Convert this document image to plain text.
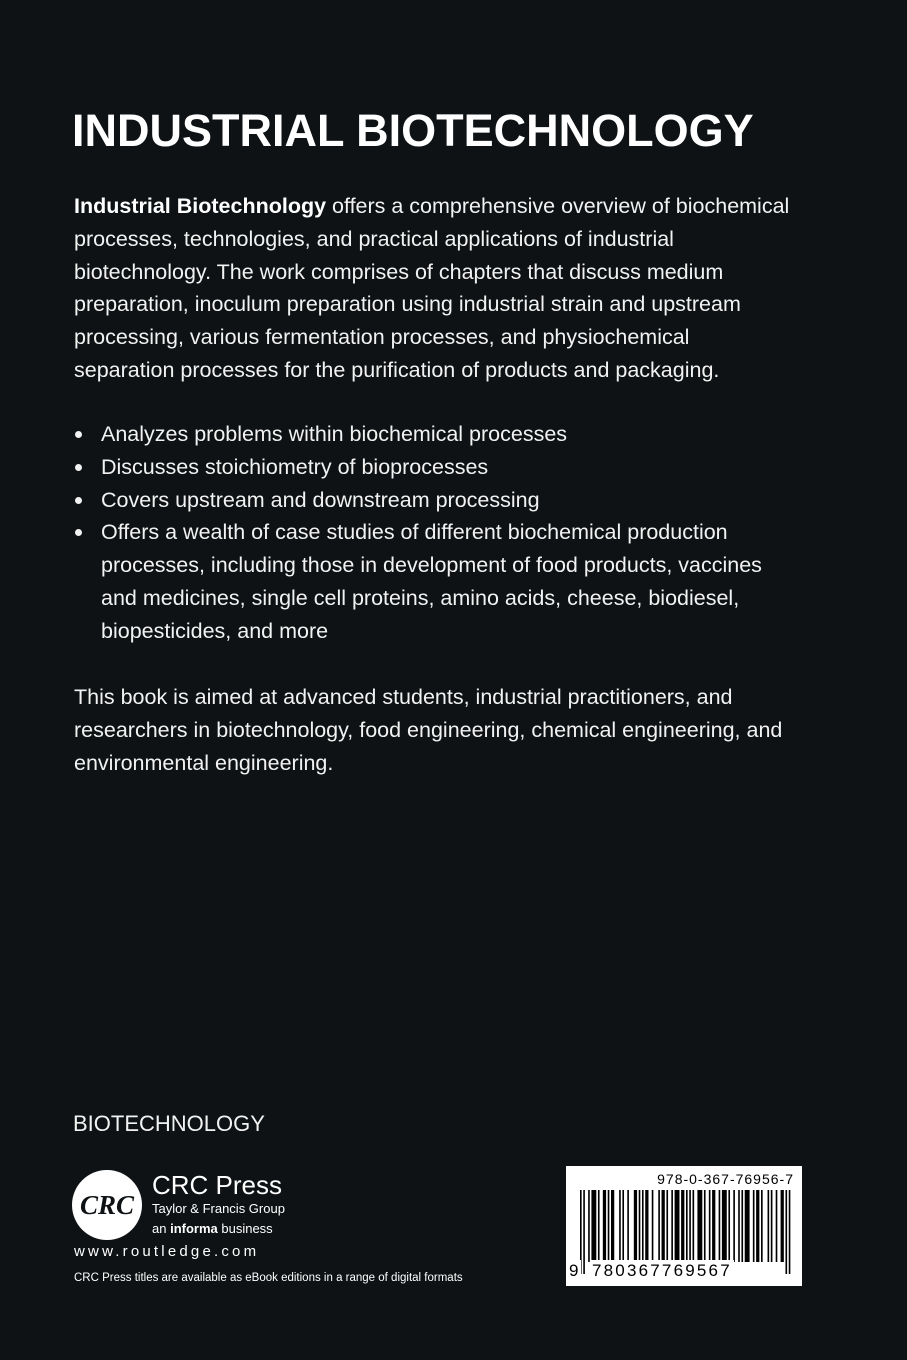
INDUSTRIAL BIOTECHNOLOGY

Industrial Biotechnology offers a comprehensive overview of biochemical processes, technologies, and practical applications of industrial biotechnology. The work comprises of chapters that discuss medium preparation, inoculum preparation using industrial strain and upstream processing, various fermentation processes, and physiochemical separation processes for the purification of products and packaging.

Analyzes problems within biochemical processes
Discusses stoichiometry of bioprocesses
Covers upstream and downstream processing
Offers a wealth of case studies of different biochemical production processes, including those in development of food products, vaccines and medicines, single cell proteins, amino acids, cheese, biodiesel, biopesticides, and more

This book is aimed at advanced students, industrial practitioners, and researchers in biotechnology, food engineering, chemical engineering, and environmental engineering.

BIOTECHNOLOGY
CRC
CRC Press
Taylor & Francis Group
an informa business
www.routledge.com
CRC Press titles are available as eBook editions in a range of digital formats
978-0-367-76956-7
9 780367769567
